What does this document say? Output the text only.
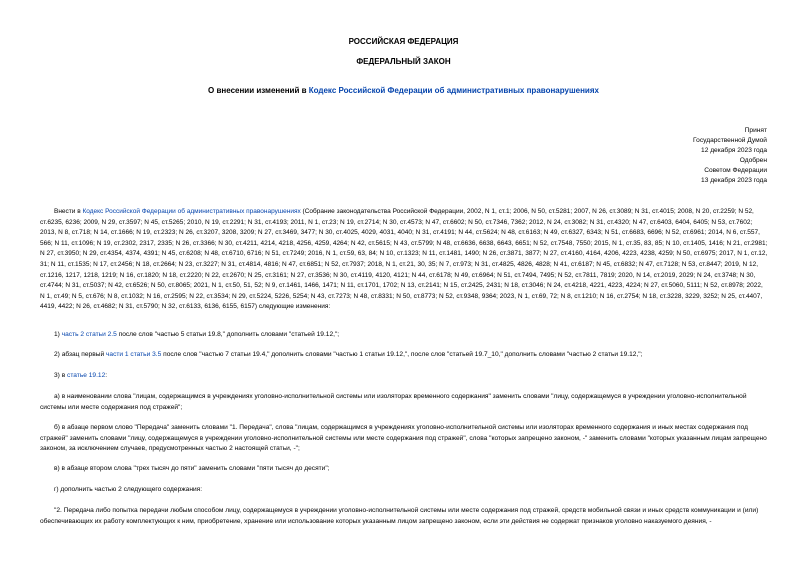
РОССИЙСКАЯ ФЕДЕРАЦИЯ
ФЕДЕРАЛЬНЫЙ ЗАКОН
О внесении изменений в Кодекс Российской Федерации об административных правонарушениях
Принят
Государственной Думой
12 декабря 2023 года
Одобрен
Советом Федерации
13 декабря 2023 года
Внести в Кодекс Российской Федерации об административных правонарушениях (Собрание законодательства Российской Федерации, 2002, N 1, ст.1; 2006, N 50, ст.5281; 2007, N 26, ст.3089; N 31, ст.4015; 2008, N 20, ст.2259; N 52, ст.6235, 6236; 2009, N 29, ст.3597; N 45, ст.5265; 2010, N 19, ст.2291; N 31, ст.4193; 2011, N 1, ст.23; N 19, ст.2714; N 30, ст.4573; N 47, ст.6602; N 50, ст.7346, 7362; 2012, N 24, ст.3082; N 31, ст.4320; N 47, ст.6403, 6404, 6405; N 53, ст.7602; 2013, N 8, ст.718; N 14, ст.1666; N 19, ст.2323; N 26, ст.3207, 3208, 3209; N 27, ст.3469, 3477; N 30, ст.4025, 4029, 4031, 4040; N 31, ст.4191; N 44, ст.5624; N 48, ст.6163; N 49, ст.6327, 6343; N 51, ст.6683, 6696; N 52, ст.6961; 2014, N 6, ст.557, 566; N 11, ст.1096; N 19, ст.2302, 2317, 2335; N 26, ст.3366; N 30, ст.4211, 4214, 4218, 4256, 4259, 4264; N 42, ст.5615; N 43, ст.5799; N 48, ст.6636, 6638, 6643, 6651; N 52, ст.7548, 7550; 2015, N 1, ст.35, 83, 85; N 10, ст.1405, 1416; N 21, ст.2981; N 27, ст.3950; N 29, ст.4354, 4374, 4391; N 45, ст.6208; N 48, ст.6710, 6716; N 51, ст.7249; 2016, N 1, ст.59, 63, 84; N 10, ст.1323; N 11, ст.1481, 1490; N 26, ст.3871, 3877; N 27, ст.4160, 4164, 4206, 4223, 4238, 4259; N 50, ст.6975; 2017, N 1, ст.12, 31; N 11, ст.1535; N 17, ст.2456; N 18, ст.2664; N 23, ст.3227; N 31, ст.4814, 4816; N 47, ст.6851; N 52, ст.7937; 2018, N 1, ст.21, 30, 35; N 7, ст.973; N 31, ст.4825, 4826, 4828; N 41, ст.6187; N 45, ст.6832; N 47, ст.7128; N 53, ст.8447; 2019, N 12, ст.1216, 1217, 1218, 1219; N 16, ст.1820; N 18, ст.2220; N 22, ст.2670; N 25, ст.3161; N 27, ст.3536; N 30, ст.4119, 4120, 4121; N 44, ст.6178; N 49, ст.6964; N 51, ст.7494, 7495; N 52, ст.7811, 7819; 2020, N 14, ст.2019, 2029; N 24, ст.3748; N 30, ст.4744; N 31, ст.5037; N 42, ст.6526; N 50, ст.8065; 2021, N 1, ст.50, 51, 52; N 9, ст.1461, 1466, 1471; N 11, ст.1701, 1702; N 13, ст.2141; N 15, ст.2425, 2431; N 18, ст.3046; N 24, ст.4218, 4221, 4223, 4224; N 27, ст.5060, 5111; N 52, ст.8978; 2022, N 1, ст.49; N 5, ст.676; N 8, ст.1032; N 16, ст.2595; N 22, ст.3534; N 29, ст.5224, 5226, 5254; N 43, ст.7273; N 48, ст.8331; N 50, ст.8773; N 52, ст.9348, 9364; 2023, N 1, ст.69, 72; N 8, ст.1210; N 16, ст.2754; N 18, ст.3228, 3229, 3252; N 25, ст.4407, 4419, 4422; N 26, ст.4682; N 31, ст.5790; N 32, ст.6133, 6136, 6155, 6157) следующие изменения:
1) часть 2 статьи 2.5 после слов "частью 5 статьи 19.8," дополнить словами "статьей 19.12,";
2) абзац первый части 1 статьи 3.5 после слов "частью 7 статьи 19.4," дополнить словами "частью 1 статьи 19.12,", после слов "статьей 19.7_10," дополнить словами "частью 2 статьи 19.12,";
3) в статье 19.12:
а) в наименовании слова "лицам, содержащимся в учреждениях уголовно-исполнительной системы или изоляторах временного содержания" заменить словами "лицу, содержащемуся в учреждении уголовно-исполнительной системы или месте содержания под стражей";
б) в абзаце первом слово "Передача" заменить словами "1. Передача", слова "лицам, содержащимся в учреждениях уголовно-исполнительной системы или изоляторах временного содержания и иных местах содержания под стражей" заменить словами "лицу, содержащемуся в учреждении уголовно-исполнительной системы или месте содержания под стражей", слова "которых запрещено законом, -" заменить словами "которых указанным лицам запрещено законом, за исключением случаев, предусмотренных частью 2 настоящей статьи, -";
в) в абзаце втором слова "трех тысяч до пяти" заменить словами "пяти тысяч до десяти";
г) дополнить частью 2 следующего содержания:
"2. Передача либо попытка передачи любым способом лицу, содержащемуся в учреждении уголовно-исполнительной системы или месте содержания под стражей, средств мобильной связи и иных средств коммуникации и (или) обеспечивающих их работу комплектующих к ним, приобретение, хранение или использование которых указанным лицом запрещено законом, если эти действия не содержат признаков уголовно наказуемого деяния, -
